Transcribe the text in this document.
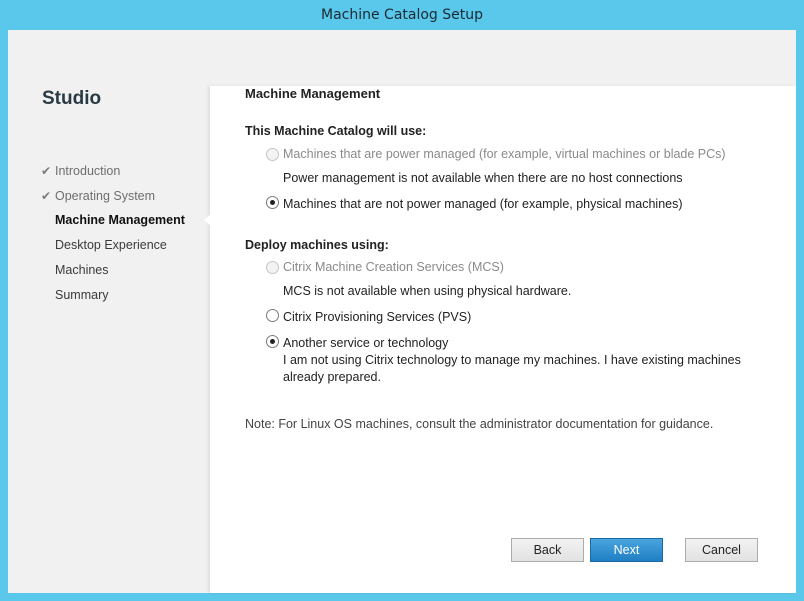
Machine Catalog Setup
Studio
✔ Introduction
✔ Operating System
Machine Management
Desktop Experience
Machines
Summary
Machine Management
This Machine Catalog will use:
Machines that are power managed (for example, virtual machines or blade PCs)
Power management is not available when there are no host connections
Machines that are not power managed (for example, physical machines)
Deploy machines using:
Citrix Machine Creation Services (MCS)
MCS is not available when using physical hardware.
Citrix Provisioning Services (PVS)
Another service or technology
I am not using Citrix technology to manage my machines. I have existing machines
already prepared.
Note: For Linux OS machines, consult the administrator documentation for guidance.
Back	Next	Cancel
